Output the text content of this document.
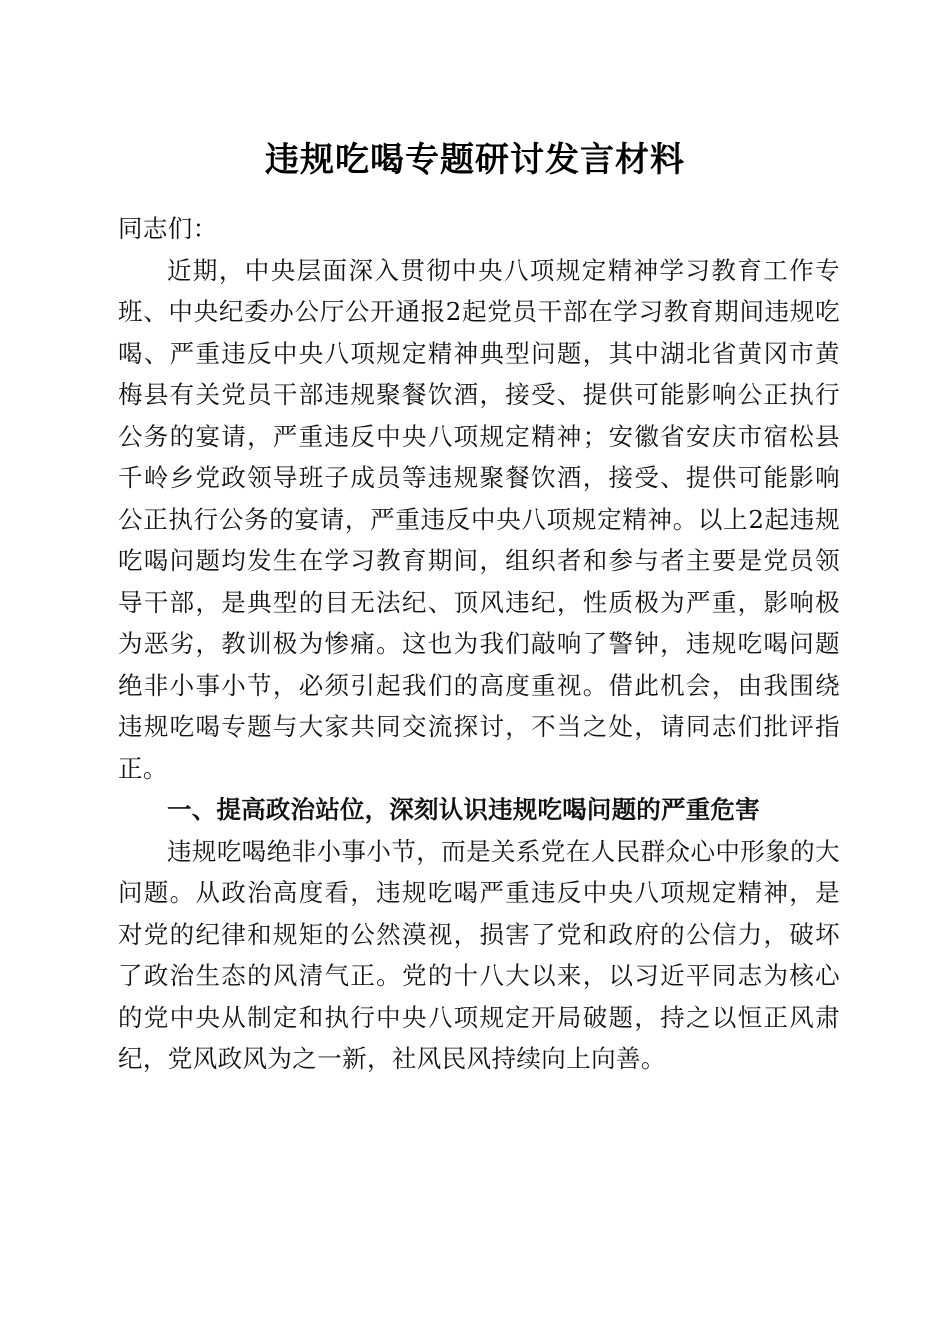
违规吃喝专题研讨发言材料

同志们：

近期，中央层面深入贯彻中央八项规定精神学习教育工作专班、中央纪委办公厅公开通报2起党员干部在学习教育期间违规吃喝、严重违反中央八项规定精神典型问题，其中湖北省黄冈市黄梅县有关党员干部违规聚餐饮酒，接受、提供可能影响公正执行公务的宴请，严重违反中央八项规定精神；安徽省安庆市宿松县千岭乡党政领导班子成员等违规聚餐饮酒，接受、提供可能影响公正执行公务的宴请，严重违反中央八项规定精神。以上2起违规吃喝问题均发生在学习教育期间，组织者和参与者主要是党员领导干部，是典型的目无法纪、顶风违纪，性质极为严重，影响极为恶劣，教训极为惨痛。这也为我们敲响了警钟，违规吃喝问题绝非小事小节，必须引起我们的高度重视。借此机会，由我围绕违规吃喝专题与大家共同交流探讨，不当之处，请同志们批评指正。

一、提高政治站位，深刻认识违规吃喝问题的严重危害

违规吃喝绝非小事小节，而是关系党在人民群众心中形象的大问题。从政治高度看，违规吃喝严重违反中央八项规定精神，是对党的纪律和规矩的公然漠视，损害了党和政府的公信力，破坏了政治生态的风清气正。党的十八大以来，以习近平同志为核心的党中央从制定和执行中央八项规定开局破题，持之以恒正风肃纪，党风政风为之一新，社风民风持续向上向善。
